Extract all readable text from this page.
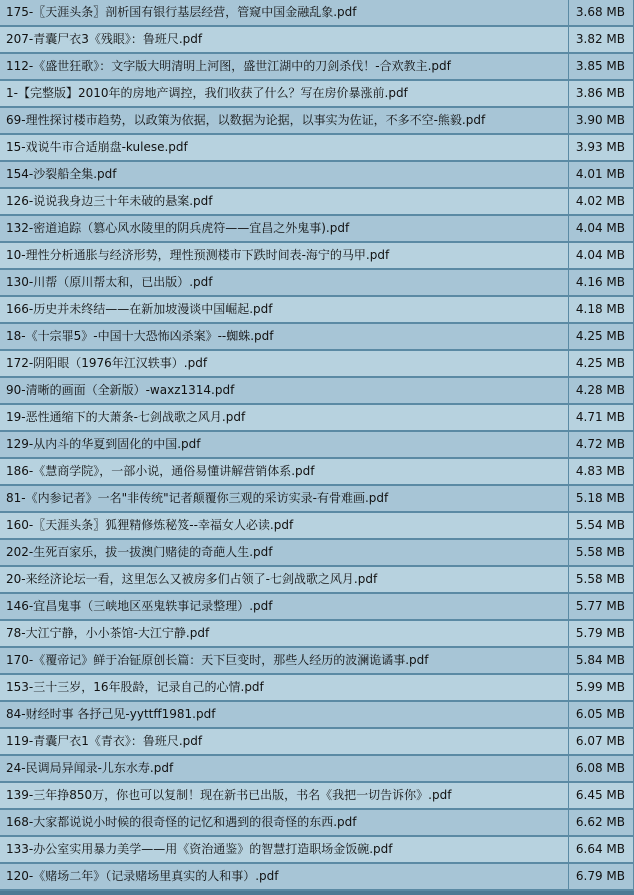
175-〖天涯头条〗剖析国有银行基层经营，管窥中国金融乱象.pdf	3.68 MB
207-青囊尸衣3《残眼》：鲁班尺.pdf	3.82 MB
112-《盛世狂歌》：文字版大明清明上河图，盛世江湖中的刀剑杀伐！-合欢教主.pdf	3.85 MB
1-【完整版】2010年的房地产调控，我们收获了什么？写在房价暴涨前.pdf	3.86 MB
69-理性探讨楼市趋势，以政策为依据，以数据为论据，以事实为佐证，不多不空-熊毅.pdf	3.90 MB
15-戏说牛市合适崩盘-kulese.pdf	3.93 MB
154-沙裂船全集.pdf	4.01 MB
126-说说我身边三十年未破的悬案.pdf	4.02 MB
132-密道追踪（篡心风水陵里的阴兵虎符——宜昌之外鬼事).pdf	4.04 MB
10-理性分析通胀与经济形势，理性预测楼市下跌时间表-海宁的马甲.pdf	4.04 MB
130-川帮（原川帮太和，已出版）.pdf	4.16 MB
166-历史并未终结——在新加坡漫谈中国崛起.pdf	4.18 MB
18-《十宗罪5》-中国十大恐怖凶杀案》--蜘蛛.pdf	4.25 MB
172-阴阳眼（1976年江汉轶事）.pdf	4.25 MB
90-清晰的画面（全新版）-waxz1314.pdf	4.28 MB
19-恶性通缩下的大萧条-七剑战歌之风月.pdf	4.71 MB
129-从内斗的华夏到固化的中国.pdf	4.72 MB
186-《慧商学院》，一部小说，通俗易懂讲解营销体系.pdf	4.83 MB
81-《内参记者》一名"非传统"记者颠覆你三观的采访实录-有骨难画.pdf	5.18 MB
160-〖天涯头条〗狐狸精修炼秘笈--幸福女人必读.pdf	5.54 MB
202-生死百家乐，拔一拔澳门赌徒的奇葩人生.pdf	5.58 MB
20-来经济论坛一看，这里怎么又被房多们占领了-七剑战歌之风月.pdf	5.58 MB
146-宜昌鬼事（三峡地区巫鬼轶事记录整理）.pdf	5.77 MB
78-大江宁静，小小茶馆-大江宁静.pdf	5.79 MB
170-《覆帝记》鲜于冶钲原创长篇：天下巨变时，那些人经历的波澜诡谲事.pdf	5.84 MB
153-三十三岁，16年股龄，记录自己的心情.pdf	5.99 MB
84-财经时事 各抒己见-yyttff1981.pdf	6.05 MB
119-青囊尸衣1《青衣》：鲁班尺.pdf	6.07 MB
24-民调局异闻录-儿东水寿.pdf	6.08 MB
139-三年挣850万，你也可以复制！现在新书已出版，书名《我把一切告诉你》.pdf	6.45 MB
168-大家都说说小时候的很奇怪的记忆和遇到的很奇怪的东西.pdf	6.62 MB
133-办公室实用暴力美学——用《资治通鉴》的智慧打造职场金饭碗.pdf	6.64 MB
120-《赌场二年》（记录赌场里真实的人和事）.pdf	6.79 MB
